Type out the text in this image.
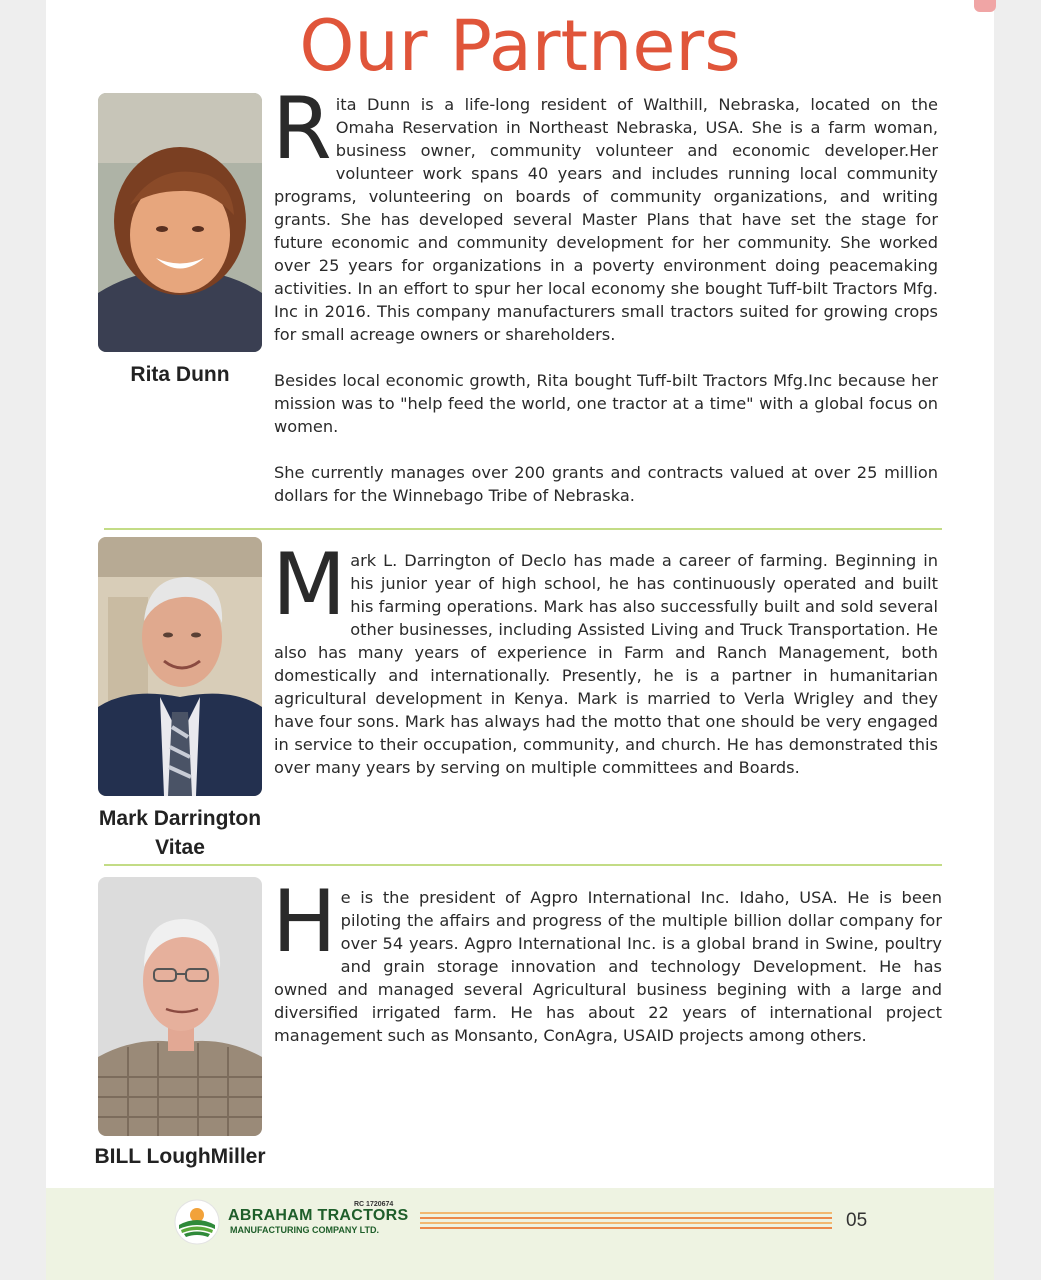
Our Partners
Rita Dunn

Rita Dunn is a life-long resident of Walthill, Nebraska, located on the Omaha Reservation in Northeast Nebraska, USA. She is a farm woman, business owner, community volunteer and economic developer.Her volunteer work spans 40 years and includes running local community programs, volunteering on boards of community organizations, and writing grants. She has developed several Master Plans that have set the stage for future economic and community development for her community. She worked over 25 years for organizations in a poverty environment doing peacemaking activities. In an effort to spur her local economy she bought Tuff-bilt Tractors Mfg. Inc in 2016. This company manufacturers small tractors suited for growing crops for small acreage owners or shareholders.

Besides local economic growth, Rita bought Tuff-bilt Tractors Mfg.Inc because her mission was to "help feed the world, one tractor at a time" with a global focus on women.

She currently manages over 200 grants and contracts valued at over 25 million dollars for the Winnebago Tribe of Nebraska.

Mark Darrington Vitae

Mark L. Darrington of Declo has made a career of farming. Beginning in his junior year of high school, he has continuously operated and built his farming operations. Mark has also successfully built and sold several other businesses, including Assisted Living and Truck Transportation. He also has many years of experience in Farm and Ranch Management, both domestically and internationally. Presently, he is a partner in humanitarian agricultural development in Kenya. Mark is married to Verla Wrigley and they have four sons. Mark has always had the motto that one should be very engaged in service to their occupation, community, and church. He has demonstrated this over many years by serving on multiple committees and Boards.

BILL LoughMiller

He is the president of Agpro International Inc. Idaho, USA. He is been piloting the affairs and progress of the multiple billion dollar company for over 54 years. Agpro International Inc. is a global brand in Swine, poultry and grain storage innovation and technology Development. He has owned and managed several Agricultural business begining with a large and diversified irrigated farm. He has about 22 years of international project management such as Monsanto, ConAgra, USAID projects among others.

RC 1720674
ABRAHAM TRACTORS
MANUFACTURING COMPANY LTD.	05
